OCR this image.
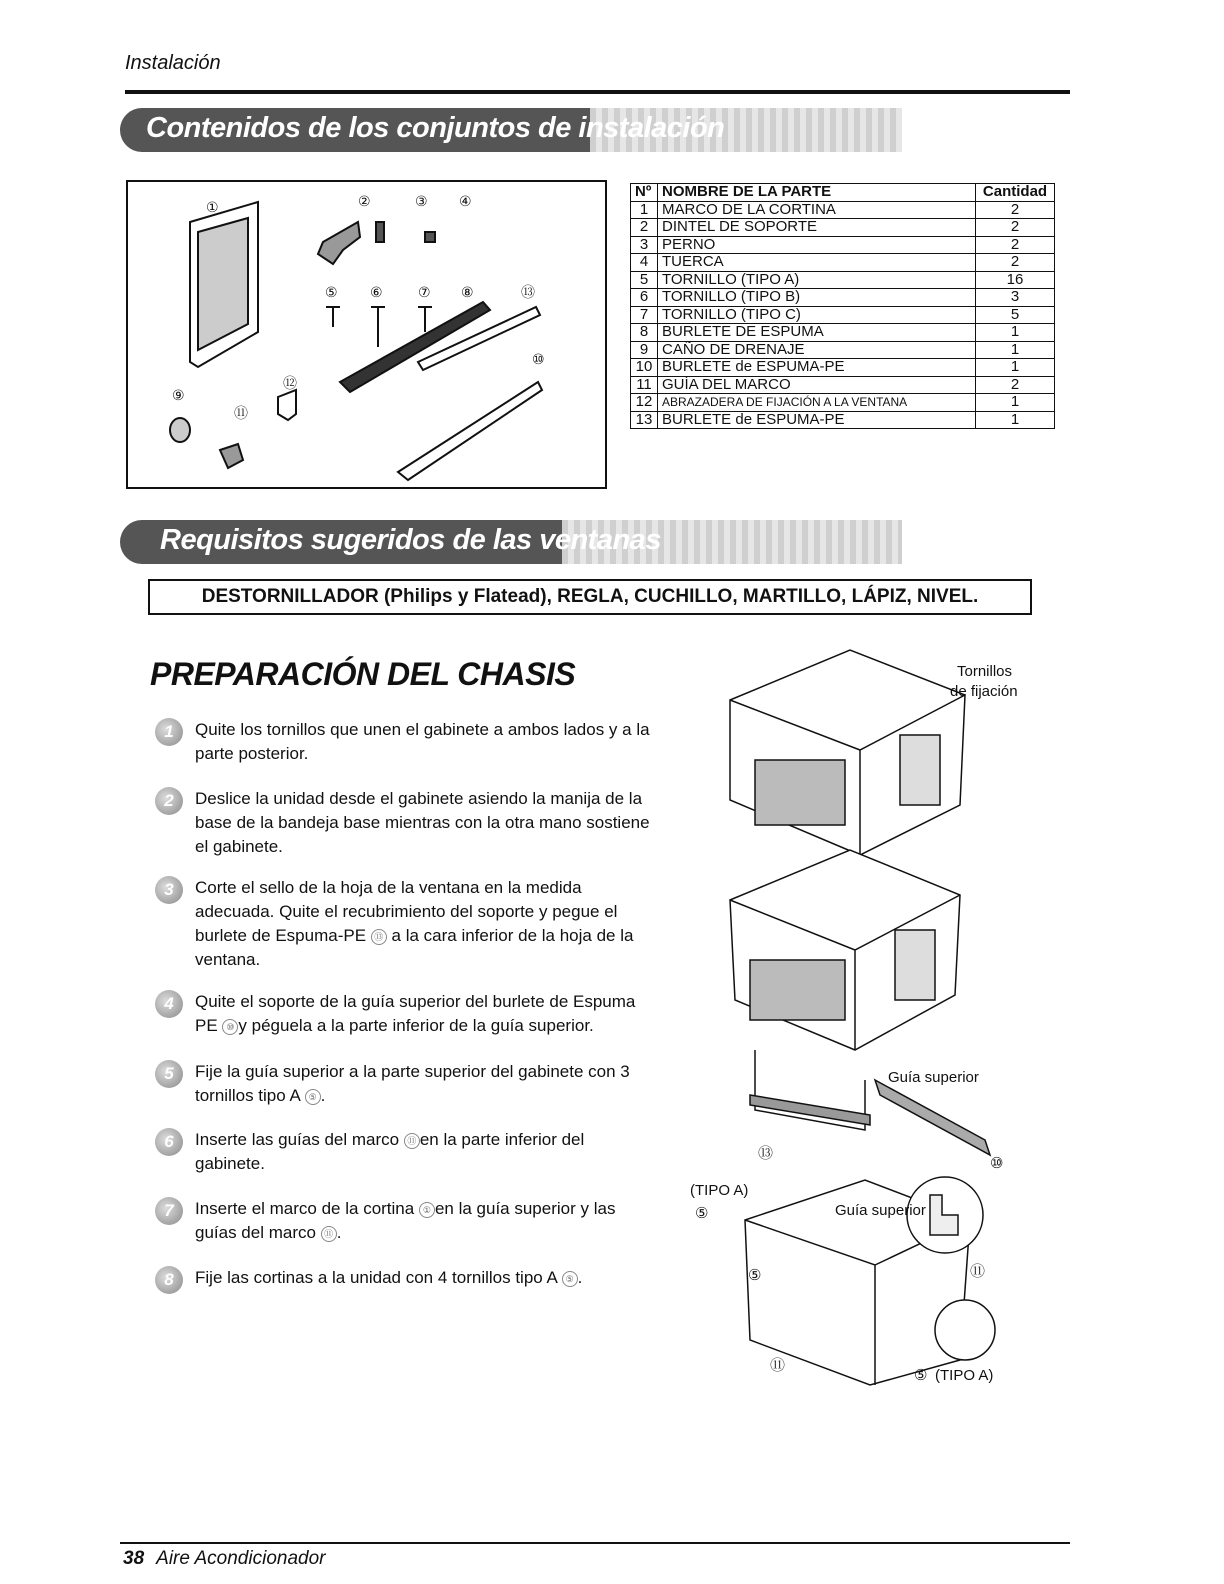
Instalación
Contenidos de los conjuntos de instalación
①	②	③ ④
⑤ ⑥	⑦ ⑧
⑨
⑩
⑪
⑫
⑬
Nº	NOMBRE DE LA PARTE	Cantidad
1	MARCO DE LA CORTINA	2
2	DINTEL DE SOPORTE	2
3	PERNO	2
4	TUERCA	2
5	TORNILLO (TIPO A)	16
6	TORNILLO (TIPO B)	3
7	TORNILLO (TIPO C)	5
8	BURLETE DE ESPUMA	1
9	CAÑO DE DRENAJE	1
10	BURLETE de ESPUMA-PE	1
11	GUÍA DEL MARCO	2
12	ABRAZADERA DE FIJACIÓN A LA VENTANA	1
13	BURLETE de ESPUMA-PE	1
Requisitos sugeridos de las ventanas
DESTORNILLADOR (Philips y Flatead), REGLA, CUCHILLO, MARTILLO, LÁPIZ, NIVEL.
PREPARACIÓN DEL CHASIS
1	Quite los tornillos que unen el gabinete a ambos lados y a la
parte posterior.
2	Deslice la unidad desde el gabinete asiendo la manija de la
base de la bandeja base mientras con la otra mano sostiene
el gabinete.
3	Corte el sello de la hoja de la ventana en la medida
adecuada. Quite el recubrimiento del soporte y pegue el
burlete de Espuma-PE ⑬ a la cara inferior de la hoja de la
ventana.
4	Quite el soporte de la guía superior del burlete de Espuma
PE ⑩ y péguela a la parte inferior de la guía superior.
5	Fije la guía superior a la parte superior del gabinete con 3
tornillos tipo A ⑤ .
6	Inserte las guías del marco ⑪ en la parte inferior del
gabinete.
7	Inserte el marco de la cortina ① en la guía superior y las
guías del marco ⑪ .
8	Fije las cortinas a la unidad con 4 tornillos tipo A ⑤ .
Tornillos
de fijación
Guía superior
(TIPO A)
Guía superior
(TIPO A)
⑬
⑩
⑤
⑤
⑤
⑪
⑪
38 Aire Acondicionador
